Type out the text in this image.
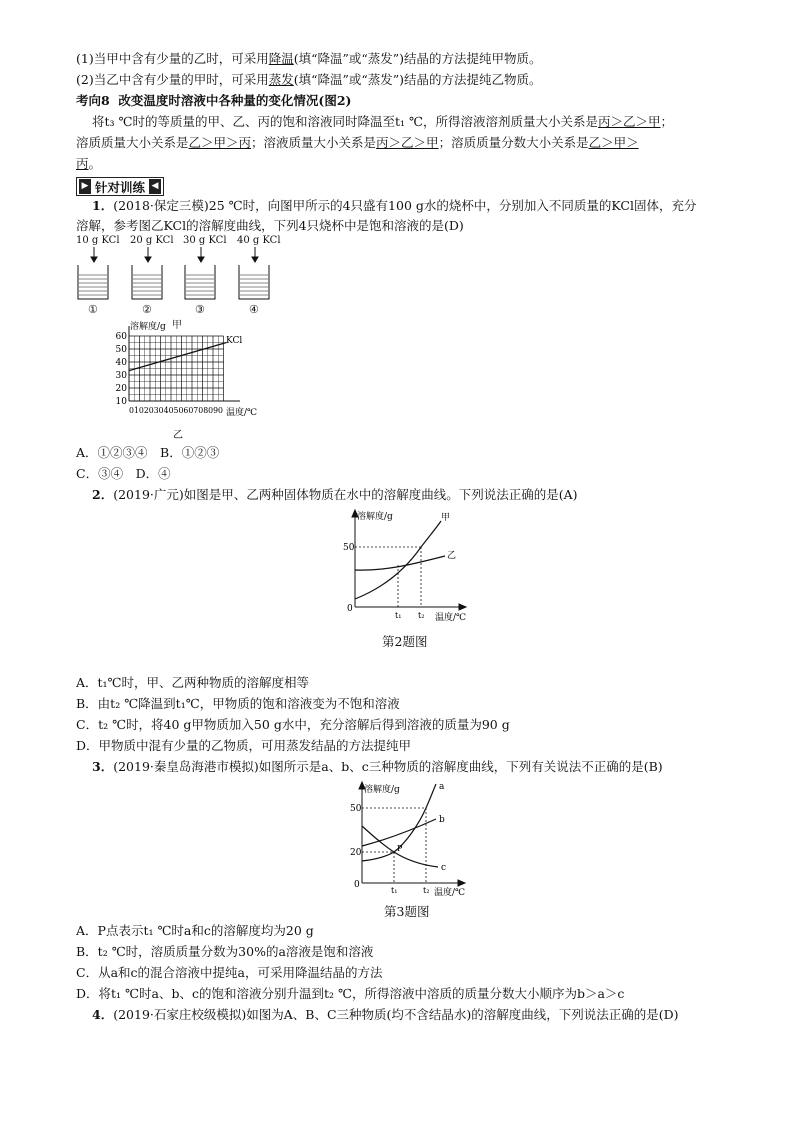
(1)当甲中含有少量的乙时，可采用降温(填“降温”或“蒸发”)结晶的方法提纯甲物质。
(2)当乙中含有少量的甲时，可采用蒸发(填“降温”或“蒸发”)结晶的方法提纯乙物质。
考向8 改变温度时溶液中各种量的变化情况(图2)
将t₃ ℃时的等质量的甲、乙、丙的饱和溶液同时降温至t₁ ℃，所得溶液溶剂质量大小关系是丙＞乙＞甲；
溶质质量大小关系是乙＞甲＞丙；溶液质量大小关系是丙＞乙＞甲；溶质质量分数大小关系是乙＞甲＞
丙。
▶ 针对训练 ◀
1．(2018·保定三模)25 ℃时，向图甲所示的4只盛有100 g水的烧杯中，分别加入不同质量的KCl固体，充分
溶解，参考图乙KCl的溶解度曲线，下列4只烧杯中是饱和溶液的是(D)
10 g KCl 20 g KCl 30 g KCl 40 g KCl
①	②	③	④
60
50
40
30
20
10
0102030405060708090
溶解度/g
KCl
温度/℃
乙
甲
A．①②③④　B．①②③
C．③④　D．④
2．(2019·广元)如图是甲、乙两种固体物质在水中的溶解度曲线。下列说法正确的是(A)
溶解度/g
50
0
t₁ t₂ 温度/℃
甲
乙
第2题图
A．t₁℃时，甲、乙两种物质的溶解度相等
B．由t₂ ℃降温到t₁℃，甲物质的饱和溶液变为不饱和溶液
C．t₂ ℃时，将40 g甲物质加入50 g水中，充分溶解后得到溶液的质量为90 g
D．甲物质中混有少量的乙物质，可用蒸发结晶的方法提纯甲
3．(2019·秦皇岛海港市模拟)如图所示是a、b、c三种物质的溶解度曲线，下列有关说法不正确的是(B)
溶解度/g
50
20
0
P
t₁	t₂ 温度/℃
a
b
c
第3题图
A．P点表示t₁ ℃时a和c的溶解度均为20 g
B．t₂ ℃时，溶质质量分数为30%的a溶液是饱和溶液
C．从a和c的混合溶液中提纯a，可采用降温结晶的方法
D．将t₁ ℃时a、b、c的饱和溶液分别升温到t₂ ℃，所得溶液中溶质的质量分数大小顺序为b＞a＞c
4．(2019·石家庄校级模拟)如图为A、B、C三种物质(均不含结晶水)的溶解度曲线，下列说法正确的是(D)
